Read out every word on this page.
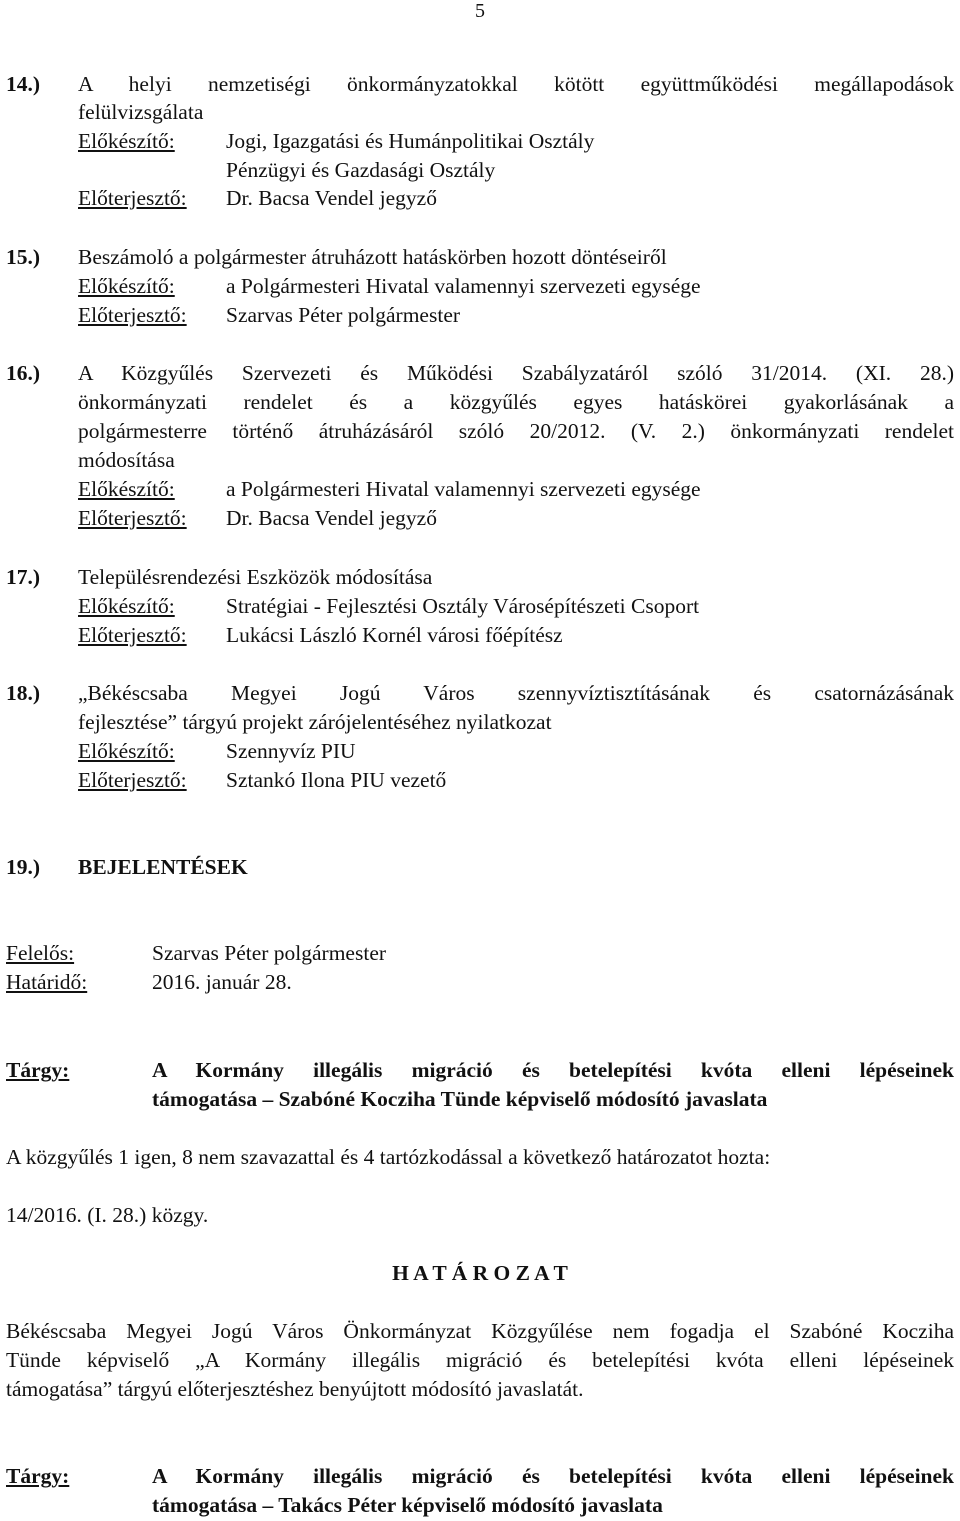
5
14.) A helyi nemzetiségi önkormányzatokkal kötött együttműködési megállapodások
felülvizsgálata
Előkészítő: Jogi, Igazgatási és Humánpolitikai Osztály
Pénzügyi és Gazdasági Osztály
Előterjesztő: Dr. Bacsa Vendel jegyző
15.) Beszámoló a polgármester átruházott hatáskörben hozott döntéseiről
Előkészítő: a Polgármesteri Hivatal valamennyi szervezeti egysége
Előterjesztő: Szarvas Péter polgármester
16.) A Közgyűlés Szervezeti és Működési Szabályzatáról szóló 31/2014. (XI. 28.)
önkormányzati rendelet és a közgyűlés egyes hatáskörei gyakorlásának a
polgármesterre történő átruházásáról szóló 20/2012. (V. 2.) önkormányzati rendelet
módosítása
Előkészítő: a Polgármesteri Hivatal valamennyi szervezeti egysége
Előterjesztő: Dr. Bacsa Vendel jegyző
17.) Településrendezési Eszközök módosítása
Előkészítő: Stratégiai - Fejlesztési Osztály Városépítészeti Csoport
Előterjesztő: Lukácsi László Kornél városi főépítész
18.) „Békéscsaba Megyei Jogú Város szennyvíztisztításának és csatornázásának
fejlesztése” tárgyú projekt zárójelentéséhez nyilatkozat
Előkészítő: Szennyvíz PIU
Előterjesztő: Sztankó Ilona PIU vezető
19.) BEJELENTÉSEK
Felelős:	Szarvas Péter polgármester
Határidő:	2016. január 28.
Tárgy:	A Kormány illegális migráció és betelepítési kvóta elleni lépéseinek
támogatása – Szabóné Kocziha Tünde képviselő módosító javaslata
A közgyűlés 1 igen, 8 nem szavazattal és 4 tartózkodással a következő határozatot hozta:
14/2016. (I. 28.) közgy.
H A T Á R O Z A T
Békéscsaba Megyei Jogú Város Önkormányzat Közgyűlése nem fogadja el Szabóné Kocziha
Tünde képviselő „A Kormány illegális migráció és betelepítési kvóta elleni lépéseinek
támogatása” tárgyú előterjesztéshez benyújtott módosító javaslatát.
Tárgy:	A Kormány illegális migráció és betelepítési kvóta elleni lépéseinek
támogatása – Takács Péter képviselő módosító javaslata
